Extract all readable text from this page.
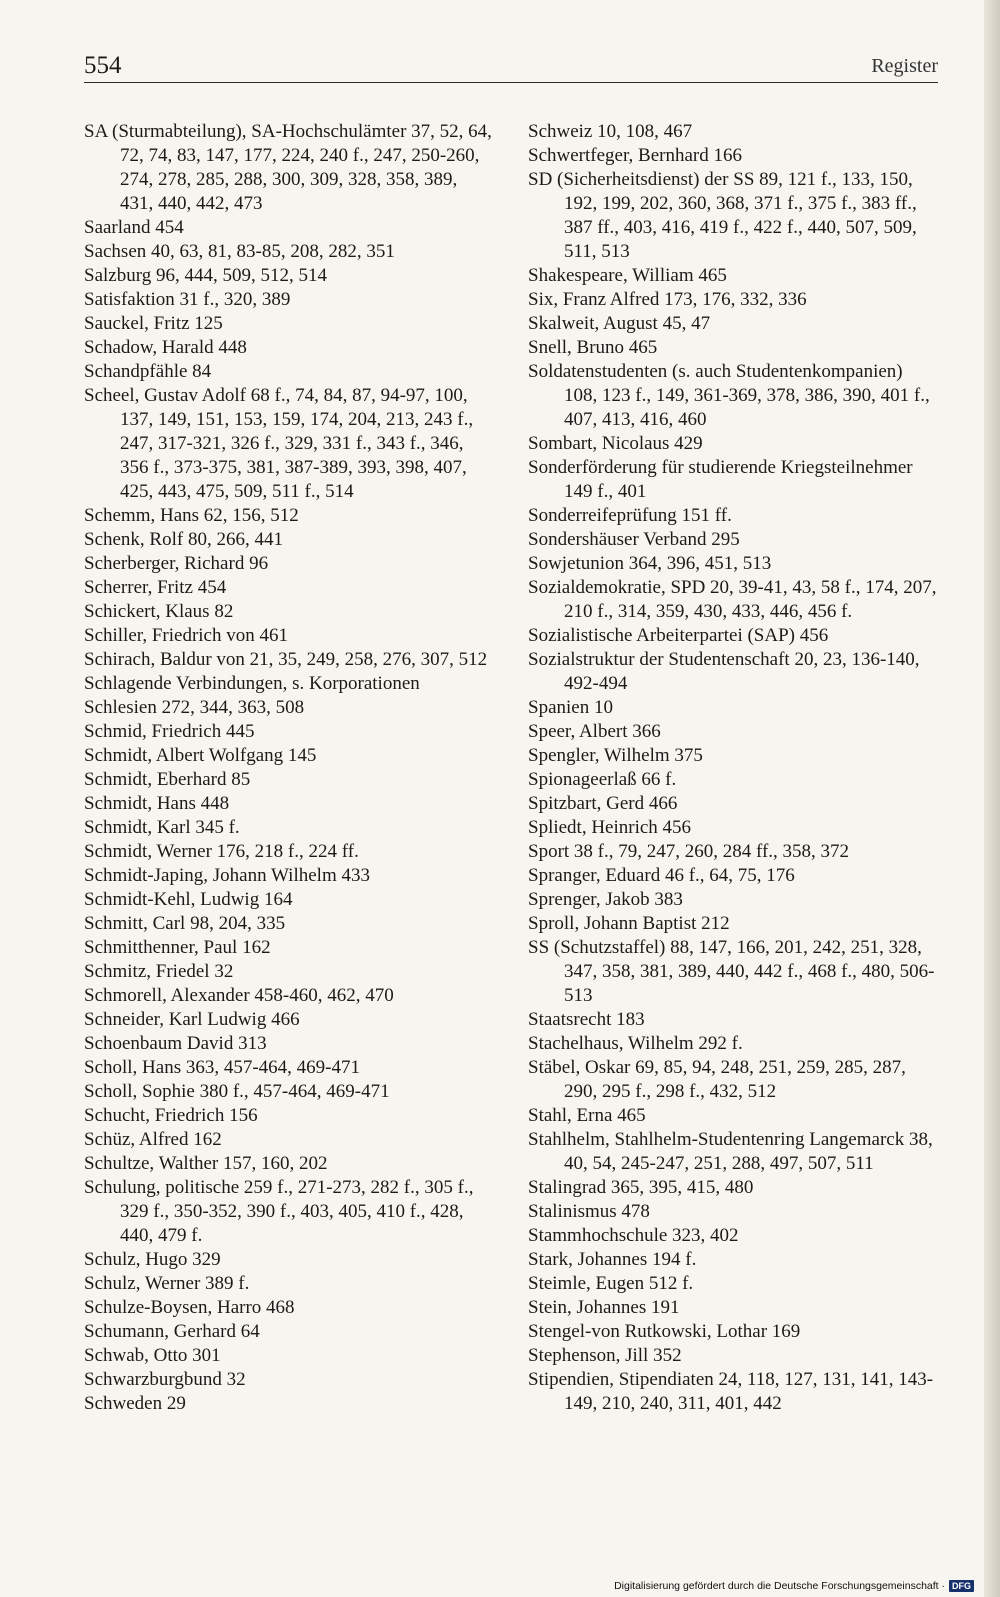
554	Register
SA (Sturmabteilung), SA-Hochschulämter 37, 52, 64, 72, 74, 83, 147, 177, 224, 240 f., 247, 250-260, 274, 278, 285, 288, 300, 309, 328, 358, 389, 431, 440, 442, 473
Saarland 454
Sachsen 40, 63, 81, 83-85, 208, 282, 351
Salzburg 96, 444, 509, 512, 514
Satisfaktion 31 f., 320, 389
Sauckel, Fritz 125
Schadow, Harald 448
Schandpfähle 84
Scheel, Gustav Adolf 68 f., 74, 84, 87, 94-97, 100, 137, 149, 151, 153, 159, 174, 204, 213, 243 f., 247, 317-321, 326 f., 329, 331 f., 343 f., 346, 356 f., 373-375, 381, 387-389, 393, 398, 407, 425, 443, 475, 509, 511 f., 514
Schemm, Hans 62, 156, 512
Schenk, Rolf 80, 266, 441
Scherberger, Richard 96
Scherrer, Fritz 454
Schickert, Klaus 82
Schiller, Friedrich von 461
Schirach, Baldur von 21, 35, 249, 258, 276, 307, 512
Schlagende Verbindungen, s. Korporationen
Schlesien 272, 344, 363, 508
Schmid, Friedrich 445
Schmidt, Albert Wolfgang 145
Schmidt, Eberhard 85
Schmidt, Hans 448
Schmidt, Karl 345 f.
Schmidt, Werner 176, 218 f., 224 ff.
Schmidt-Japing, Johann Wilhelm 433
Schmidt-Kehl, Ludwig 164
Schmitt, Carl 98, 204, 335
Schmitthenner, Paul 162
Schmitz, Friedel 32
Schmorell, Alexander 458-460, 462, 470
Schneider, Karl Ludwig 466
Schoenbaum David 313
Scholl, Hans 363, 457-464, 469-471
Scholl, Sophie 380 f., 457-464, 469-471
Schucht, Friedrich 156
Schüz, Alfred 162
Schultze, Walther 157, 160, 202
Schulung, politische 259 f., 271-273, 282 f., 305 f., 329 f., 350-352, 390 f., 403, 405, 410 f., 428, 440, 479 f.
Schulz, Hugo 329
Schulz, Werner 389 f.
Schulze-Boysen, Harro 468
Schumann, Gerhard 64
Schwab, Otto 301
Schwarzburgbund 32
Schweden 29
Schweiz 10, 108, 467
Schwertfeger, Bernhard 166
SD (Sicherheitsdienst) der SS 89, 121 f., 133, 150, 192, 199, 202, 360, 368, 371 f., 375 f., 383 ff., 387 ff., 403, 416, 419 f., 422 f., 440, 507, 509, 511, 513
Shakespeare, William 465
Six, Franz Alfred 173, 176, 332, 336
Skalweit, August 45, 47
Snell, Bruno 465
Soldatenstudenten (s. auch Studentenkompanien) 108, 123 f., 149, 361-369, 378, 386, 390, 401 f., 407, 413, 416, 460
Sombart, Nicolaus 429
Sonderförderung für studierende Kriegsteilnehmer 149 f., 401
Sonderreifeprüfung 151 ff.
Sondershäuser Verband 295
Sowjetunion 364, 396, 451, 513
Sozialdemokratie, SPD 20, 39-41, 43, 58 f., 174, 207, 210 f., 314, 359, 430, 433, 446, 456 f.
Sozialistische Arbeiterpartei (SAP) 456
Sozialstruktur der Studentenschaft 20, 23, 136-140, 492-494
Spanien 10
Speer, Albert 366
Spengler, Wilhelm 375
Spionageerlaß 66 f.
Spitzbart, Gerd 466
Spliedt, Heinrich 456
Sport 38 f., 79, 247, 260, 284 ff., 358, 372
Spranger, Eduard 46 f., 64, 75, 176
Sprenger, Jakob 383
Sproll, Johann Baptist 212
SS (Schutzstaffel) 88, 147, 166, 201, 242, 251, 328, 347, 358, 381, 389, 440, 442 f., 468 f., 480, 506-513
Staatsrecht 183
Stachelhaus, Wilhelm 292 f.
Stäbel, Oskar 69, 85, 94, 248, 251, 259, 285, 287, 290, 295 f., 298 f., 432, 512
Stahl, Erna 465
Stahlhelm, Stahlhelm-Studentenring Langemarck 38, 40, 54, 245-247, 251, 288, 497, 507, 511
Stalingrad 365, 395, 415, 480
Stalinismus 478
Stammhochschule 323, 402
Stark, Johannes 194 f.
Steimle, Eugen 512 f.
Stein, Johannes 191
Stengel-von Rutkowski, Lothar 169
Stephenson, Jill 352
Stipendien, Stipendiaten 24, 118, 127, 131, 141, 143-149, 210, 240, 311, 401, 442
Digitalisierung gefördert durch die Deutsche Forschungsgemeinschaft · DFG
